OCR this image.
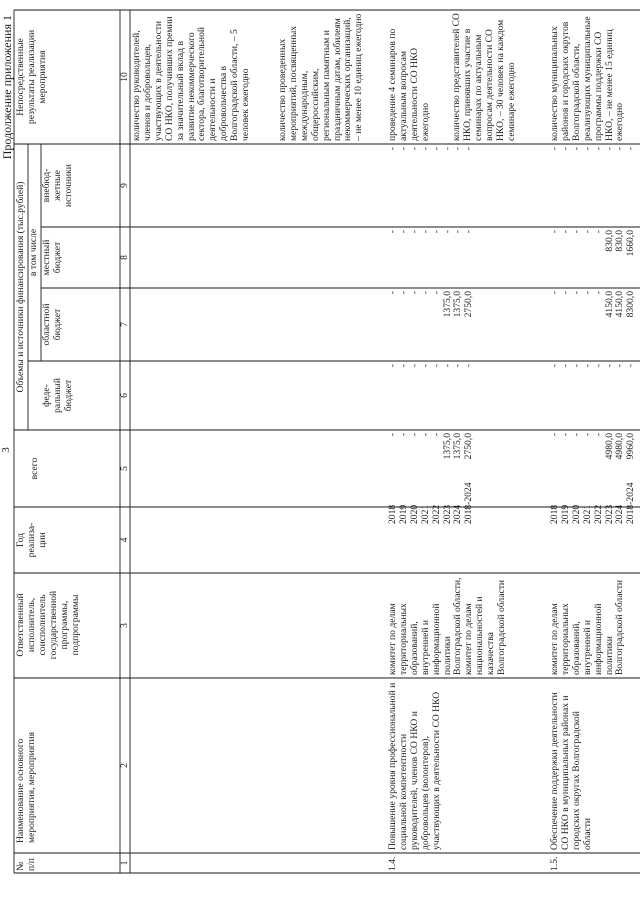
3
Продолжение приложения 1
№
п/п
Наименование основного
мероприятия, мероприятия
Ответственный
исполнитель,
соисполнитель
государственной
программы,
подпрограммы
Год
реализа-
ции
Объемы и источники финансирования (тыс.рублей)
всего
в том числе
феде-
ральный
бюджет
областной
бюджет
местный
бюджет
внебюд-
жетные
источники
Непосредственные
результаты реализации
мероприятия
1
2
3
4
5
6
7
8
9
10 количество руководителей, членов и добровольцев, участвующих в деятельности СО НКО, получивших премии за значительный вклад в развитие некоммерческого сектора, благотворительной деятельности и добровольчества в Волгоградской области, – 5 человек ежегодно	количество проведенных мероприятий, посвященных международным, общероссийским, региональным памятным и праздничным датам, юбилеям некоммерческих организаций, – не менее 10 единиц ежегодно
1.4.
Повышение уровня профессиональной и социальной компетентности руководителей, членов СО НКО и добровольцев (волонтеров), участвующих в деятельности СО НКО
комитет по делам территориальных образований, внутренней и информационной политики Волгоградской области, комитет по делам национальностей и казачества Волгоградской области
2018
2019
2020
2021
2022
2023
2024
2018-2024
-
-
-
-
-
1375,0
1375,0
2750,0
-
-
-
-
-
-
-
-
-
-
-
-
-
1375,0
1375,0
2750,0
-
-
-
-
-
-
-
-
-
-
-
-
-
-
-
-
проведение 4 семинаров по актуальным вопросам деятельности СО НКО ежегодно	количество представителей СО НКО, принявших участие в семинарах по актуальным вопросам деятельности СО НКО, – 30 человек на каждом семинаре ежегодно
1.5.
Обеспечение поддержки деятельности СО НКО в муниципальных районах и городских округах Волгоградской области
комитет по делам территориальных образований, внутренней и информационной политики Волгоградской области
2018
2019
2020
2021
2022
2023
2024
2018-2024
-
-
-
-
-
4980,0
4980,0
9960,0
-
-
-
-
-
-
-
-
-
-
-
-
-
4150,0
4150,0
8300,0
-
-
-
-
-
830,0
830,0
1660,0
-
-
-
-
-
-
-
-
количество муниципальных районов и городских округов Волгоградской области, реализующих муниципальные программы поддержки СО НКО, – не менее 15 единиц ежегодно
